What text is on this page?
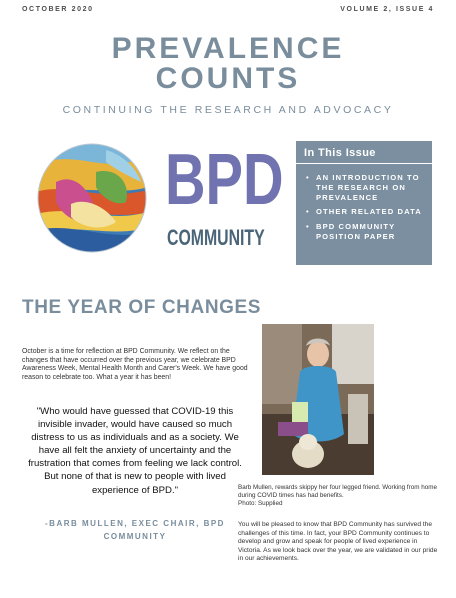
OCTOBER 2020	VOLUME 2, ISSUE 4
PREVALENCE
COUNTS
CONTINUING THE RESEARCH AND ADVOCACY
BPD
COMMUNITY
In This Issue
• AN INTRODUCTION TO THE RESEARCH ON PREVALENCE
• OTHER RELATED DATA
• BPD COMMUNITY POSITION PAPER
THE YEAR OF CHANGES

October is a time for reflection at BPD Community. We reflect on the changes that have occurred over the previous year, we celebrate BPD Awareness Week, Mental Health Month and Carer's Week. We have good reason to celebrate too. What a year it has been!

"Who would have guessed that COVID-19 this invisible invader, would have caused so much distress to us as individuals and as a society. We have all felt the anxiety of uncertainty and the frustration that comes from feeling we lack control. But none of that is new to people with lived experience of BPD."

-BARB MULLEN, EXEC CHAIR, BPD COMMUNITY

Barb Mullen, rewards skippy her four legged friend. Working from home during COVID times has had benefits.
Photo: Supplied

You will be pleased to know that BPD Community has survived the challenges of this time. In fact, your BPD Community continues to develop and grow and speak for people of lived experience in Victoria. As we look back over the year, we are validated in our pride in our achievements.
